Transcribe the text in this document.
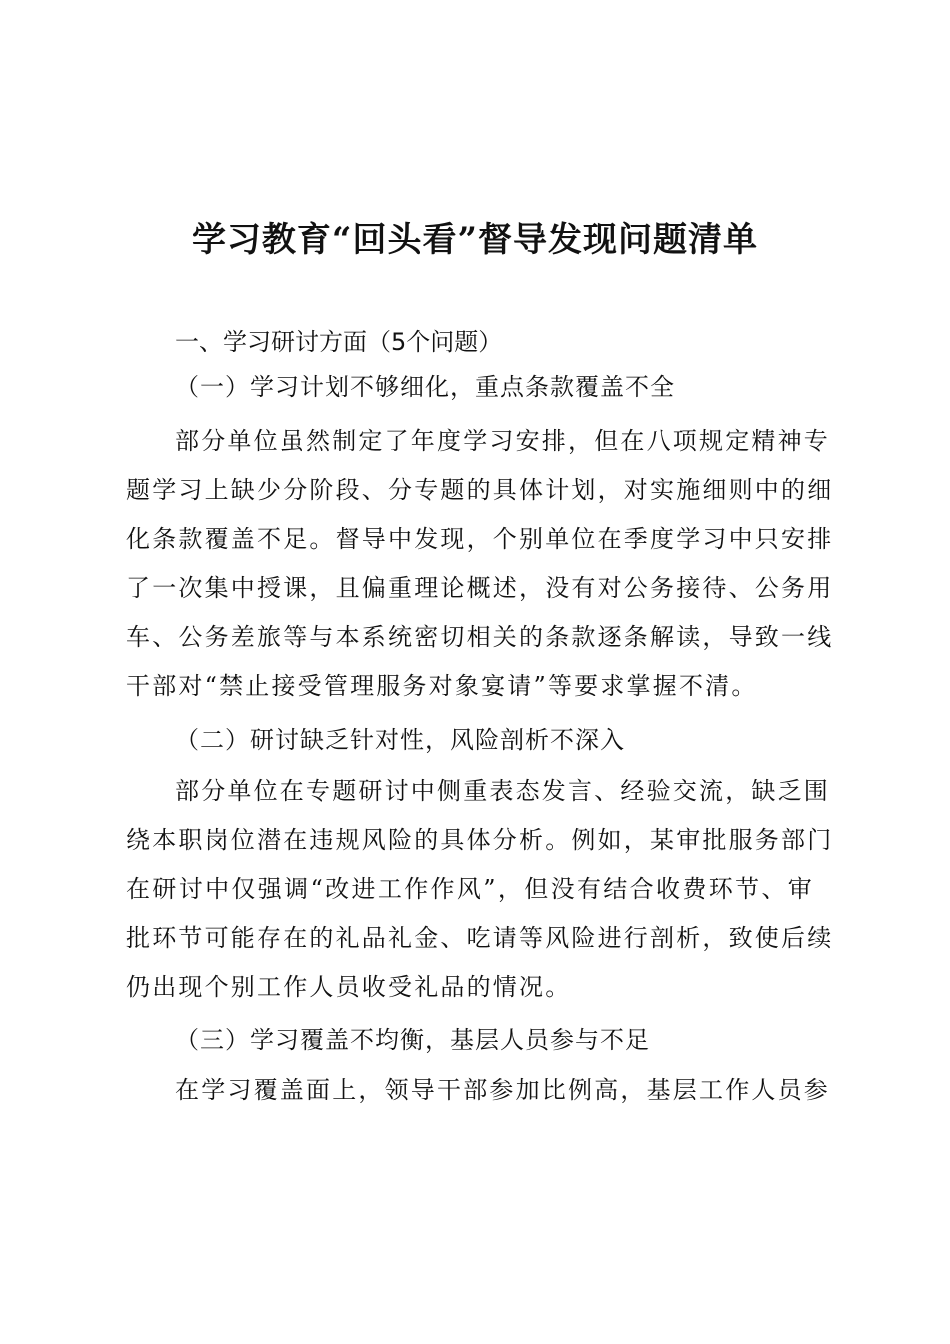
学习教育“回头看”督导发现问题清单
一、学习研讨方面（5个问题）
（一）学习计划不够细化，重点条款覆盖不全
部分单位虽然制定了年度学习安排，但在八项规定精神专
题学习上缺少分阶段、分专题的具体计划，对实施细则中的细
化条款覆盖不足。督导中发现，个别单位在季度学习中只安排
了一次集中授课，且偏重理论概述，没有对公务接待、公务用
车、公务差旅等与本系统密切相关的条款逐条解读，导致一线
干部对“禁止接受管理服务对象宴请”等要求掌握不清。
（二）研讨缺乏针对性，风险剖析不深入
部分单位在专题研讨中侧重表态发言、经验交流，缺乏围
绕本职岗位潜在违规风险的具体分析。例如，某审批服务部门
在研讨中仅强调“改进工作作风”，但没有结合收费环节、审
批环节可能存在的礼品礼金、吃请等风险进行剖析，致使后续
仍出现个别工作人员收受礼品的情况。
（三）学习覆盖不均衡，基层人员参与不足
在学习覆盖面上，领导干部参加比例高，基层工作人员参
